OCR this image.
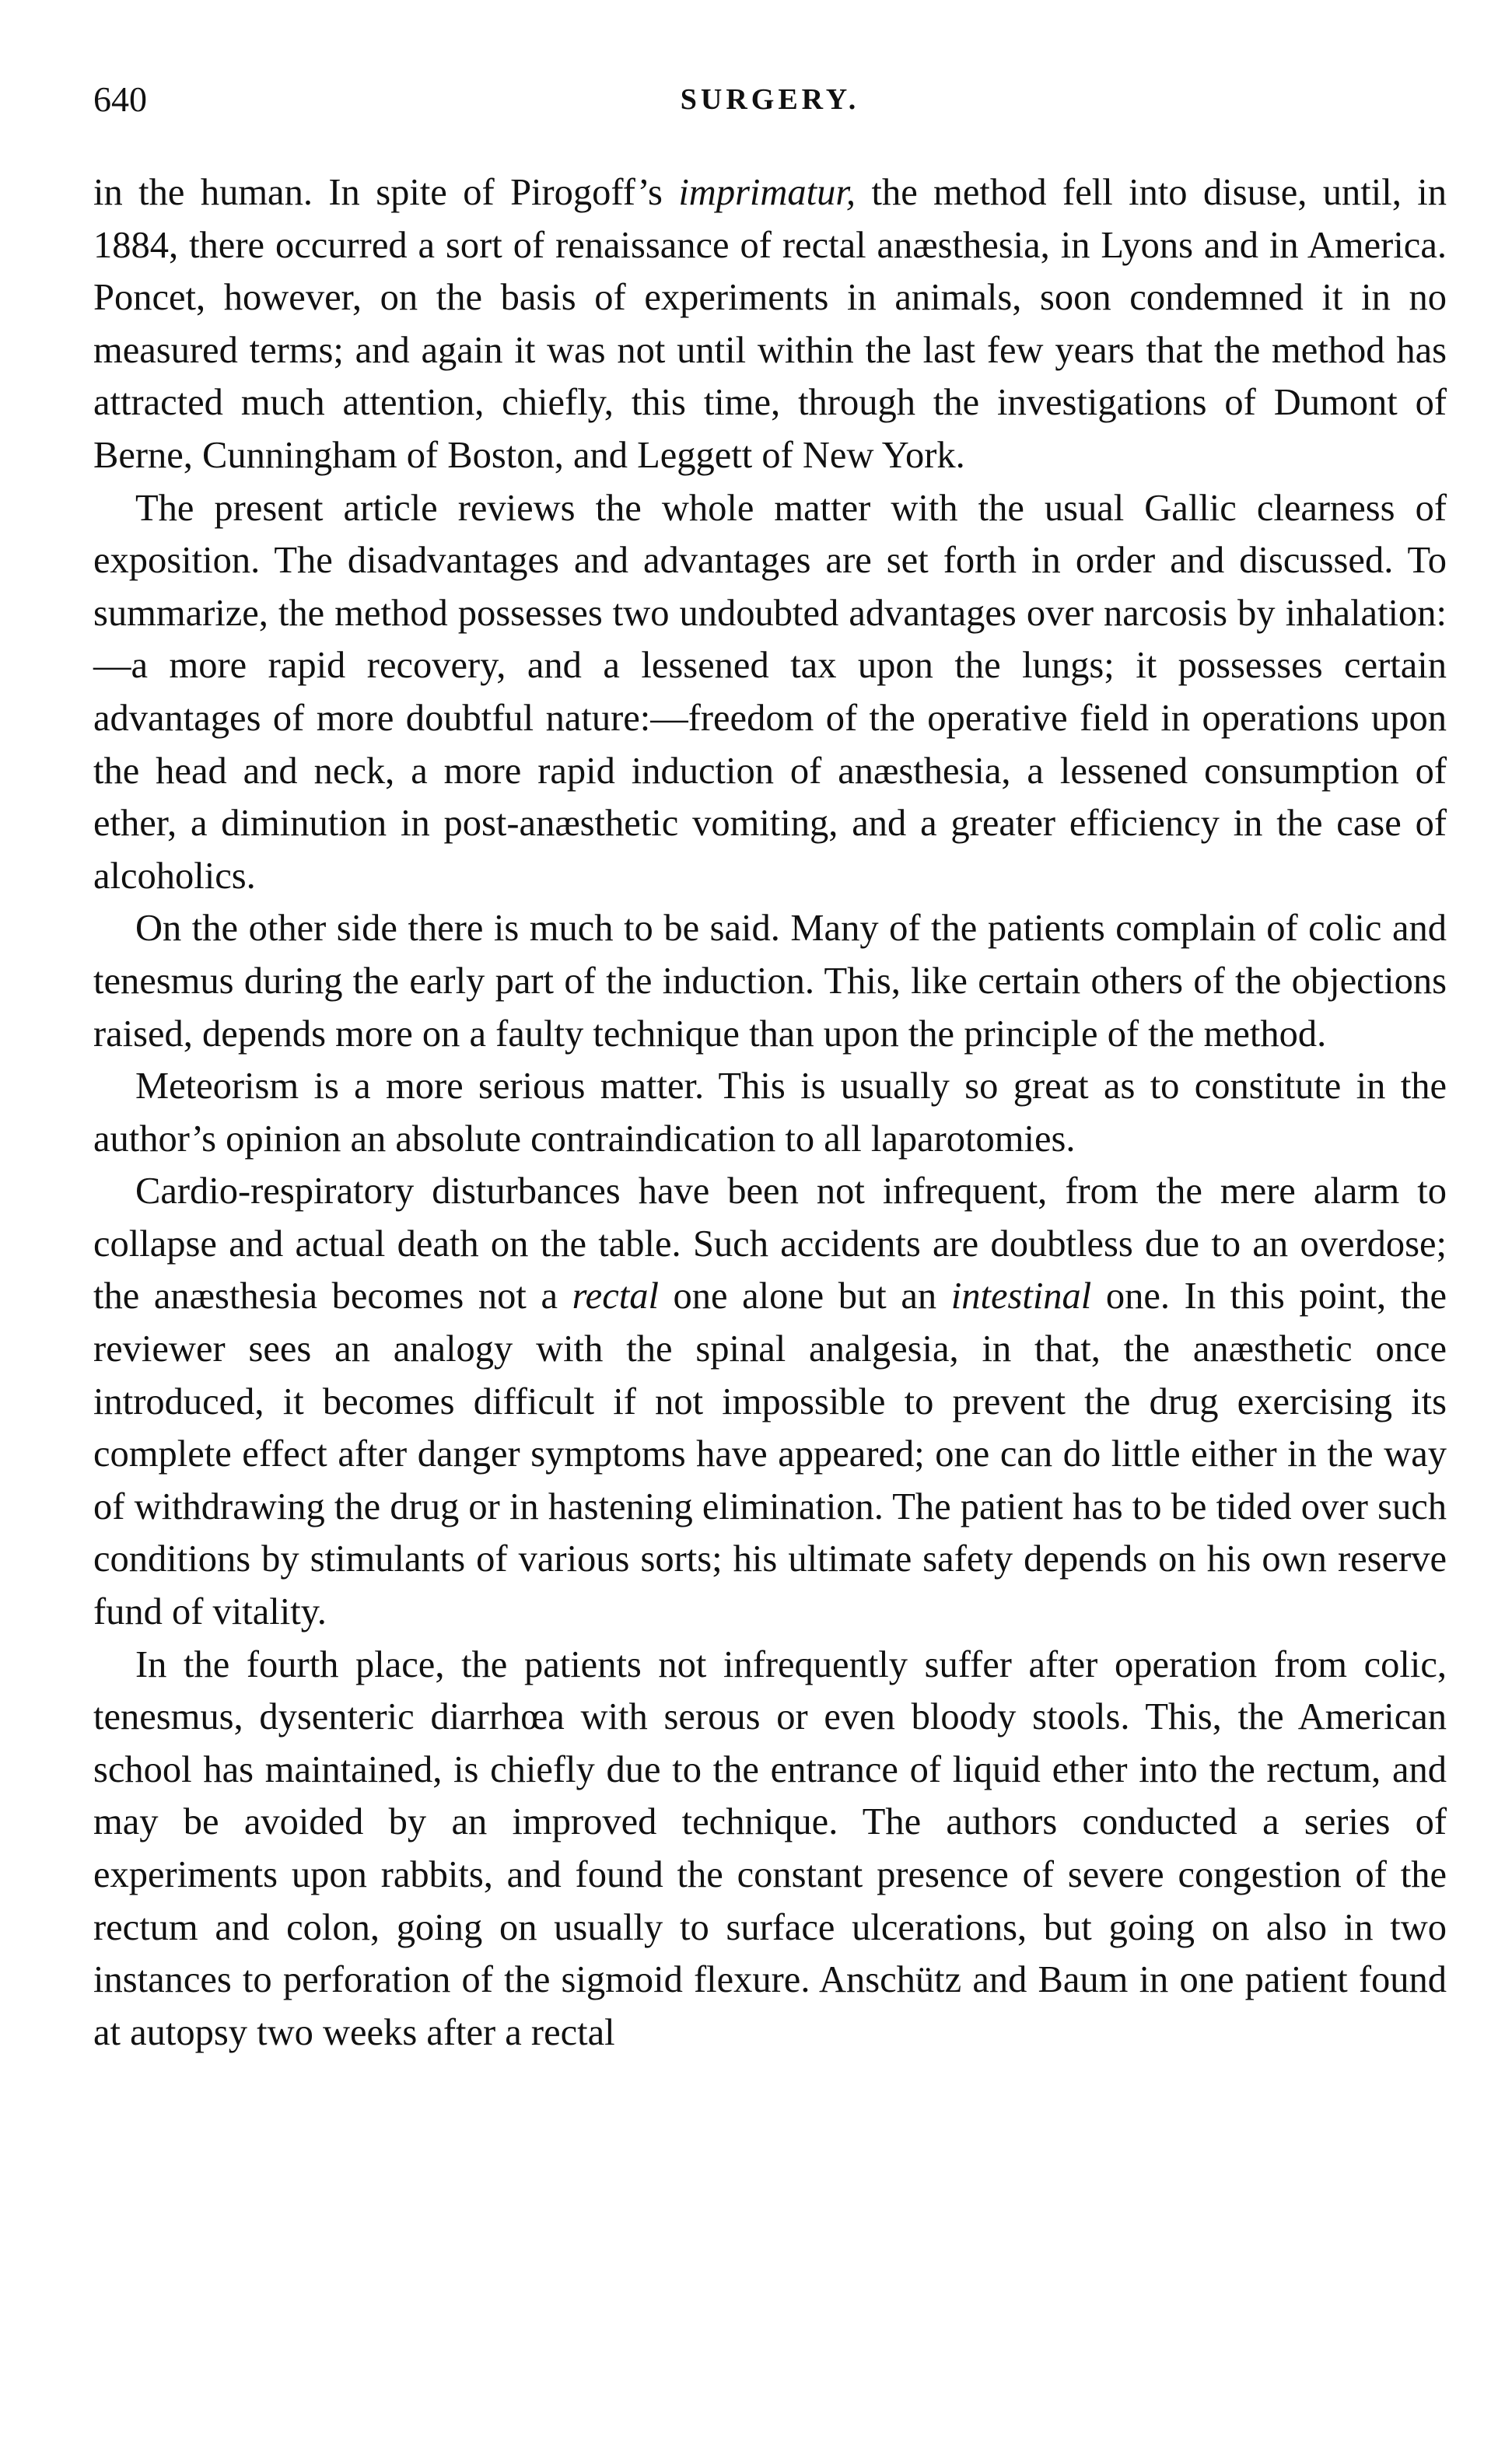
640	SURGERY.

in the human. In spite of Pirogoff’s imprimatur, the method fell into disuse, until, in 1884, there occurred a sort of renaissance of rectal anæsthesia, in Lyons and in America. Poncet, however, on the basis of experiments in animals, soon condemned it in no measured terms; and again it was not until within the last few years that the method has attracted much attention, chiefly, this time, through the investigations of Dumont of Berne, Cunningham of Boston, and Leggett of New York.

The present article reviews the whole matter with the usual Gallic clearness of exposition. The disadvantages and advantages are set forth in order and discussed. To summarize, the method possesses two undoubted advantages over narcosis by inhalation:—a more rapid recovery, and a lessened tax upon the lungs; it possesses certain advantages of more doubtful nature:—freedom of the operative field in operations upon the head and neck, a more rapid induction of anæsthesia, a lessened consumption of ether, a diminution in post-anæsthetic vomiting, and a greater efficiency in the case of alcoholics.

On the other side there is much to be said. Many of the patients complain of colic and tenesmus during the early part of the induction. This, like certain others of the objections raised, depends more on a faulty technique than upon the principle of the method.

Meteorism is a more serious matter. This is usually so great as to constitute in the author’s opinion an absolute contraindication to all laparotomies.

Cardio-respiratory disturbances have been not infrequent, from the mere alarm to collapse and actual death on the table. Such accidents are doubtless due to an overdose; the anæsthesia becomes not a rectal one alone but an intestinal one. In this point, the reviewer sees an analogy with the spinal analgesia, in that, the anæsthetic once introduced, it becomes difficult if not impossible to prevent the drug exercising its complete effect after danger symptoms have appeared; one can do little either in the way of withdrawing the drug or in hastening elimination. The patient has to be tided over such conditions by stimulants of various sorts; his ultimate safety depends on his own reserve fund of vitality.

In the fourth place, the patients not infrequently suffer after operation from colic, tenesmus, dysenteric diarrhœa with serous or even bloody stools. This, the American school has maintained, is chiefly due to the entrance of liquid ether into the rectum, and may be avoided by an improved technique. The authors conducted a series of experiments upon rabbits, and found the constant presence of severe congestion of the rectum and colon, going on usually to surface ulcerations, but going on also in two instances to perforation of the sigmoid flexure. Anschütz and Baum in one patient found at autopsy two weeks after a rectal
